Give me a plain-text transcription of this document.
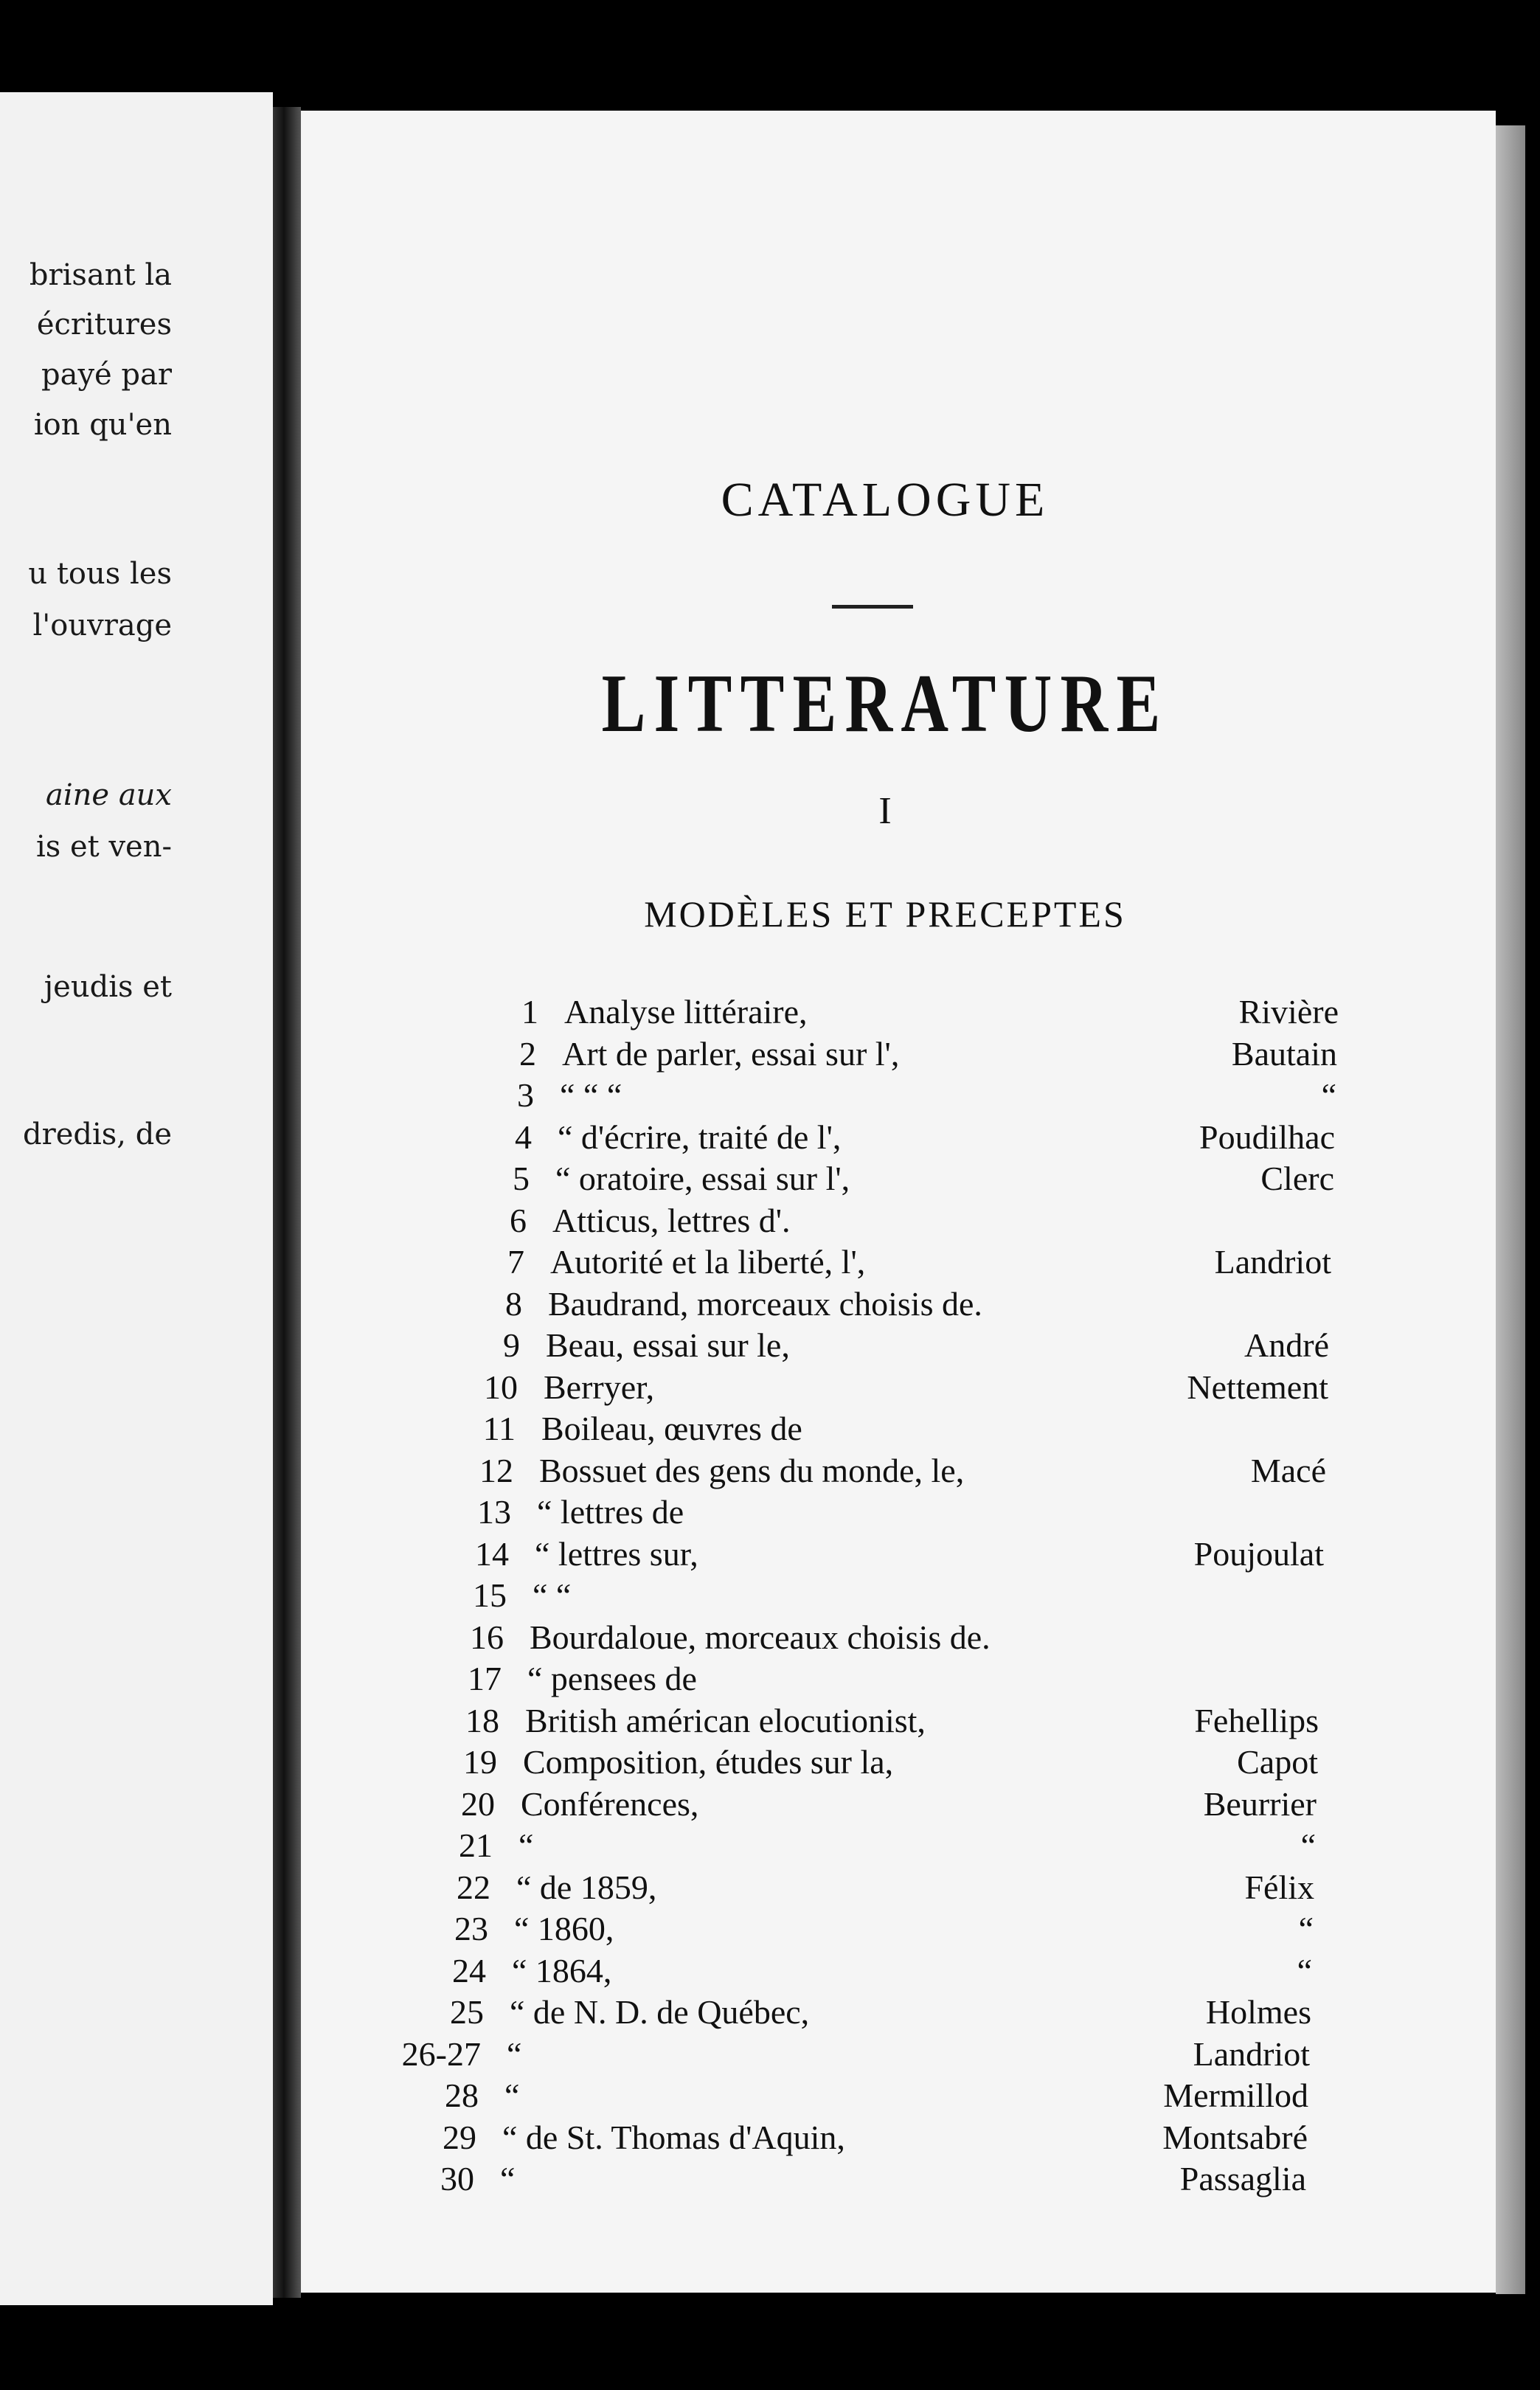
brisant la
écritures
payé par
ion qu'en
u tous les
l'ouvrage
aine aux
is et ven-
jeudis et
dredis, de
CATALOGUE
LITTERATURE
I
MODÈLES ET PRECEPTES
1 Analyse littéraire,	Rivière
2 Art de parler, essai sur l',	Bautain
3 “ “ “	“
4 “ d'écrire, traité de l',	Poudilhac
5 “ oratoire, essai sur l',	Clerc
6 Atticus, lettres d'.
7 Autorité et la liberté, l',	Landriot
8 Baudrand, morceaux choisis de.
9 Beau, essai sur le,	André
10 Berryer,	Nettement
11 Boileau, œuvres de
12 Bossuet des gens du monde, le,	Macé
13 “ lettres de
14 “ lettres sur,	Poujoulat
15 “ “
16 Bourdaloue, morceaux choisis de.
17 “ pensees de
18 British américan elocutionist,	Fehellips
19 Composition, études sur la,	Capot
20 Conférences,	Beurrier
21 “	“
22 “ de 1859,	Félix
23 “ 1860,	“
24 “ 1864,	“
25 “ de N. D. de Québec,	Holmes
26-27 “	Landriot
28 “	Mermillod
29 “ de St. Thomas d'Aquin,	Montsabré
30 “	Passaglia
